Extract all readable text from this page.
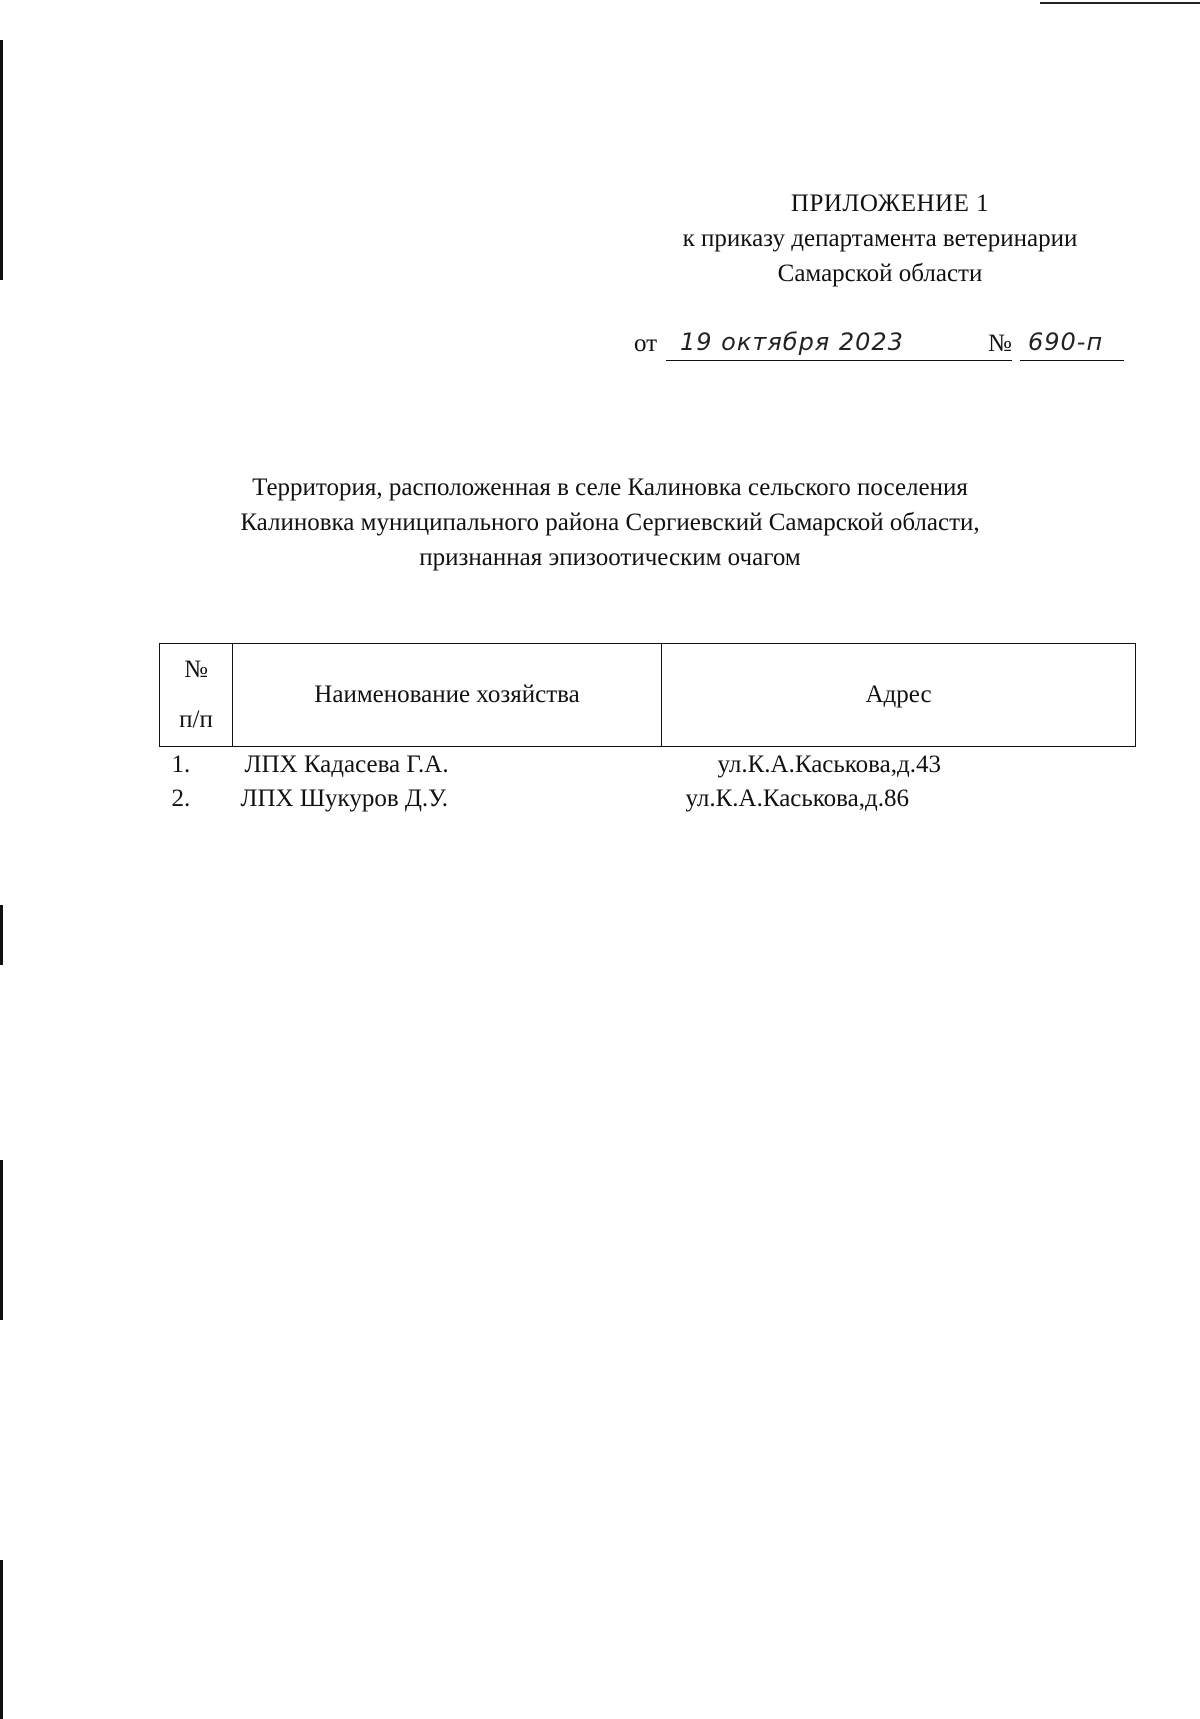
ПРИЛОЖЕНИЕ 1
к приказу департамента ветеринарии
Самарской области
от 19 октября 2023	№ 690-п
Территория, расположенная в селе Калиновка сельского поселения
Калиновка муниципального района Сергиевский Самарской области,
признанная эпизоотическим очагом
№
п/п	Наименование хозяйства	Адрес
1.	ЛПХ Кадасева Г.А.	ул.К.А.Каськова,д.43
2.	ЛПХ Шукуров Д.У.	ул.К.А.Каськова,д.86
